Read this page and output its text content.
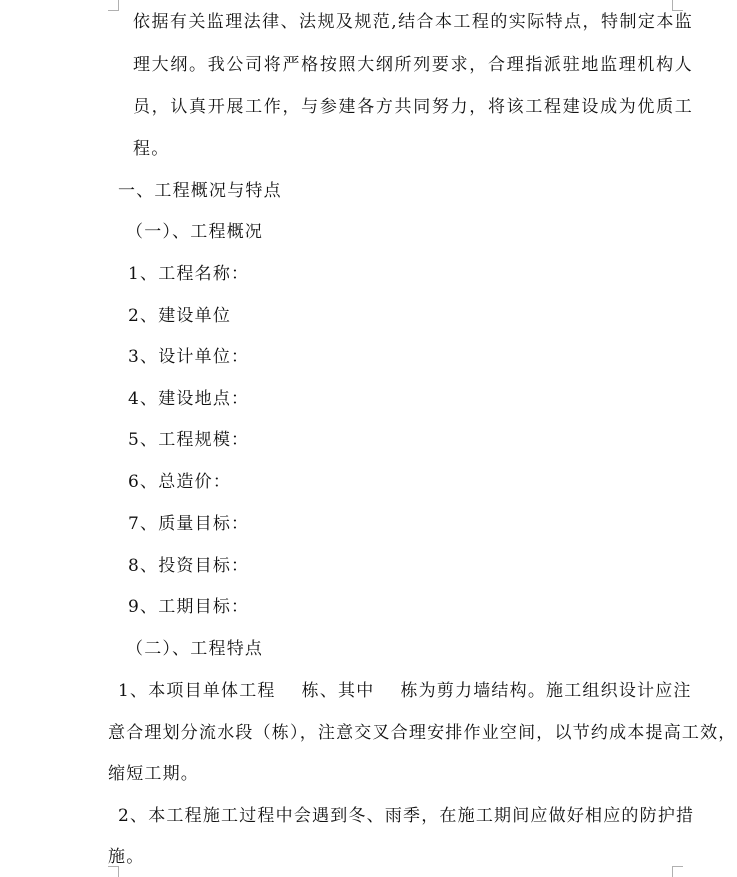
依据有关监理法律、法规及规范,结合本工程的实际特点，特制定本监
理大纲。我公司将严格按照大纲所列要求，合理指派驻地监理机构人
员，认真开展工作，与参建各方共同努力，将该工程建设成为优质工
程。
一、工程概况与特点
（一）、工程概况
1、工程名称：
2、建设单位
3、设计单位：
4、建设地点：
5、工程规模：
6、总造价：
7、质量目标：
8、投资目标：
9、工期目标：
（二）、工程特点
1、本项目单体工程 栋、其中 栋为剪力墙结构。施工组织设计应注
意合理划分流水段（栋），注意交叉合理安排作业空间，以节约成本提高工效，
缩短工期。
2、本工程施工过程中会遇到冬、雨季，在施工期间应做好相应的防护措
施。
